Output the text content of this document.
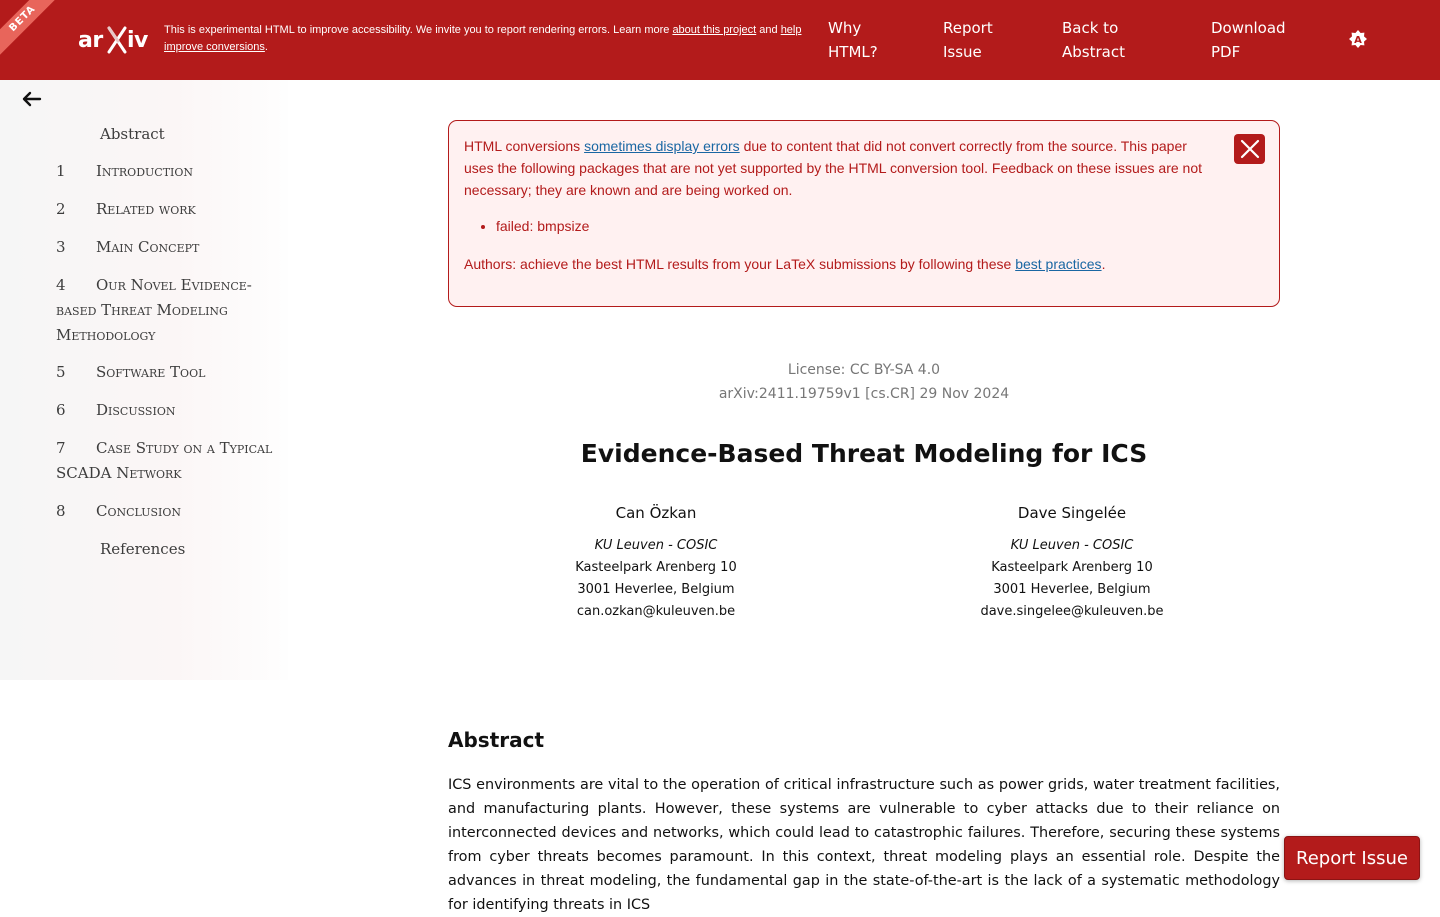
BETA
ar iv This is experimental HTML to improve accessibility. We invite you to report rendering errors. Learn more about this project and help improve conversions.
Why HTML?
Report Issue
Back to Abstract
Download PDF
A
Abstract
1 Introduction
2 Related work
3 Main Concept
4 Our Novel Evidence-based Threat Modeling Methodology
5 Software Tool
6 Discussion
7 Case Study on a Typical SCADA Network
8 Conclusion
References
HTML conversions sometimes display errors due to content that did not convert correctly from the source. This paper uses the following packages that are not yet supported by the HTML conversion tool. Feedback on these issues are not necessary; they are known and are being worked on.
• failed: bmpsize
Authors: achieve the best HTML results from your LaTeX submissions by following these best practices.
License: CC BY-SA 4.0
arXiv:2411.19759v1 [cs.CR] 29 Nov 2024
Evidence-Based Threat Modeling for ICS
Can Özkan
KU Leuven - COSIC
Kasteelpark Arenberg 10
3001 Heverlee, Belgium
can.ozkan@kuleuven.be
Dave Singelée
KU Leuven - COSIC
Kasteelpark Arenberg 10
3001 Heverlee, Belgium
dave.singelee@kuleuven.be
Abstract

ICS environments are vital to the operation of critical infrastructure such as power grids, water treatment facilities, and manufacturing plants. However, these systems are vulnerable to cyber attacks due to their reliance on interconnected devices and networks, which could lead to catastrophic failures. Therefore, securing these systems from cyber threats becomes paramount. In this context, threat modeling plays an essential role. Despite the advances in threat modeling, the fundamental gap in the state-of-the-art is the lack of a systematic methodology for identifying threats in ICS

Report Issue
